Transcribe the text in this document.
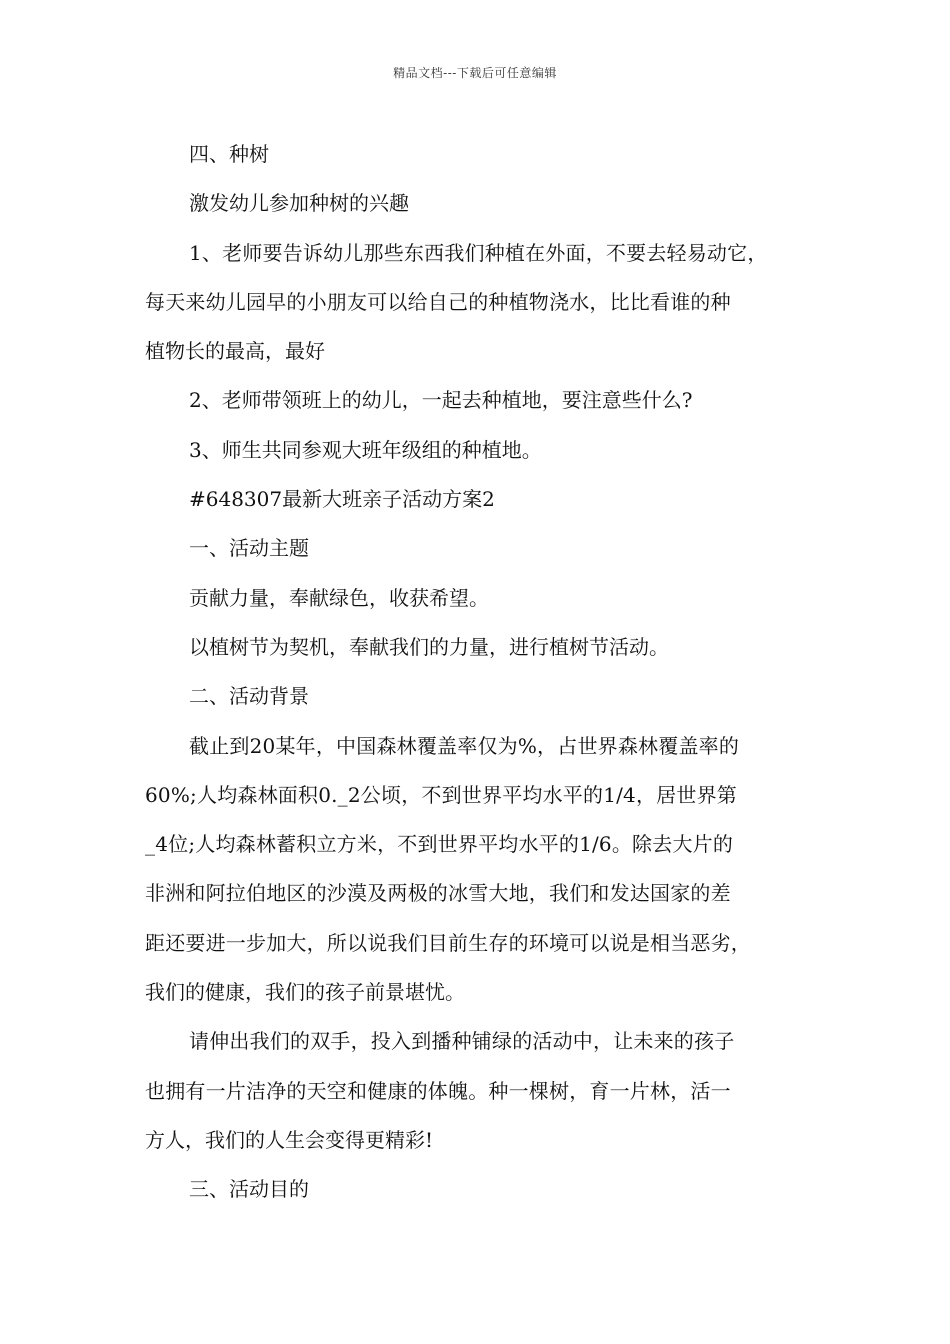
精品文档---下载后可任意编辑
四、种树
激发幼儿参加种树的兴趣
1、老师要告诉幼儿那些东西我们种植在外面，不要去轻易动它，
每天来幼儿园早的小朋友可以给自己的种植物浇水，比比看谁的种
植物长的最高，最好
2、老师带领班上的幼儿，一起去种植地，要注意些什么?
3、师生共同参观大班年级组的种植地。
#648307最新大班亲子活动方案2
一、活动主题
贡献力量，奉献绿色，收获希望。
以植树节为契机，奉献我们的力量，进行植树节活动。
二、活动背景
截止到20某年，中国森林覆盖率仅为%，占世界森林覆盖率的
60%;人均森林面积0._2公顷，不到世界平均水平的1/4，居世界第
_4位;人均森林蓄积立方米，不到世界平均水平的1/6。除去大片的
非洲和阿拉伯地区的沙漠及两极的冰雪大地，我们和发达国家的差
距还要进一步加大，所以说我们目前生存的环境可以说是相当恶劣，
我们的健康，我们的孩子前景堪忧。
请伸出我们的双手，投入到播种铺绿的活动中，让未来的孩子
也拥有一片洁净的天空和健康的体魄。种一棵树，育一片林，活一
方人，我们的人生会变得更精彩!
三、活动目的
